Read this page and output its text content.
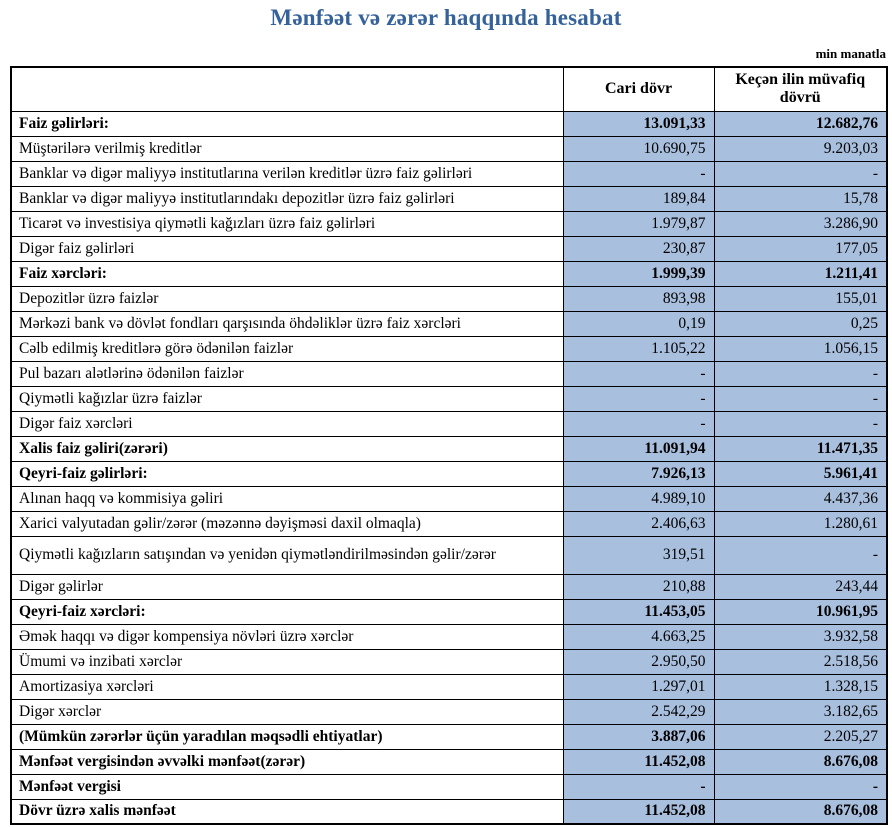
Mənfəət və zərər haqqında hesabat
min manatla
	Cari dövr	Keçən ilin müvafiq dövrü
Faiz gəlirləri:	13.091,33	12.682,76
Müştərilərə verilmiş kreditlər	10.690,75	9.203,03
Banklar və digər maliyyə institutlarına verilən kreditlər üzrə faiz gəlirləri	-	-
Banklar və digər maliyyə institutlarındakı depozitlər üzrə faiz gəlirləri	189,84	15,78
Ticarət və investisiya qiymətli kağızları üzrə faiz gəlirləri	1.979,87	3.286,90
Digər faiz gəlirləri	230,87	177,05
Faiz xərcləri:	1.999,39	1.211,41
Depozitlər üzrə faizlər	893,98	155,01
Mərkəzi bank və dövlət fondları qarşısında öhdəliklər üzrə faiz xərcləri	0,19	0,25
Cəlb edilmiş kreditlərə görə ödənilən faizlər	1.105,22	1.056,15
Pul bazarı alətlərinə ödənilən faizlər	-	-
Qiymətli kağızlar üzrə faizlər	-	-
Digər faiz xərcləri	-	-
Xalis faiz gəliri(zərəri)	11.091,94	11.471,35
Qeyri-faiz gəlirləri:	7.926,13	5.961,41
Alınan haqq və kommisiya gəliri	4.989,10	4.437,36
Xarici valyutadan gəlir/zərər (məzənnə dəyişməsi daxil olmaqla)	2.406,63	1.280,61
Qiymətli kağızların satışından və yenidən qiymətləndirilməsindən gəlir/zərər	319,51	-
Digər gəlirlər	210,88	243,44
Qeyri-faiz xərcləri:	11.453,05	10.961,95
Əmək haqqı və digər kompensiya növləri üzrə xərclər	4.663,25	3.932,58
Ümumi və inzibati xərclər	2.950,50	2.518,56
Amortizasiya xərcləri	1.297,01	1.328,15
Digər xərclər	2.542,29	3.182,65
(Mümkün zərərlər üçün yaradılan məqsədli ehtiyatlar)	3.887,06	2.205,27
Mənfəət vergisindən əvvəlki mənfəət(zərər)	11.452,08	8.676,08
Mənfəət vergisi	-	-
Dövr üzrə xalis mənfəət	11.452,08	8.676,08
